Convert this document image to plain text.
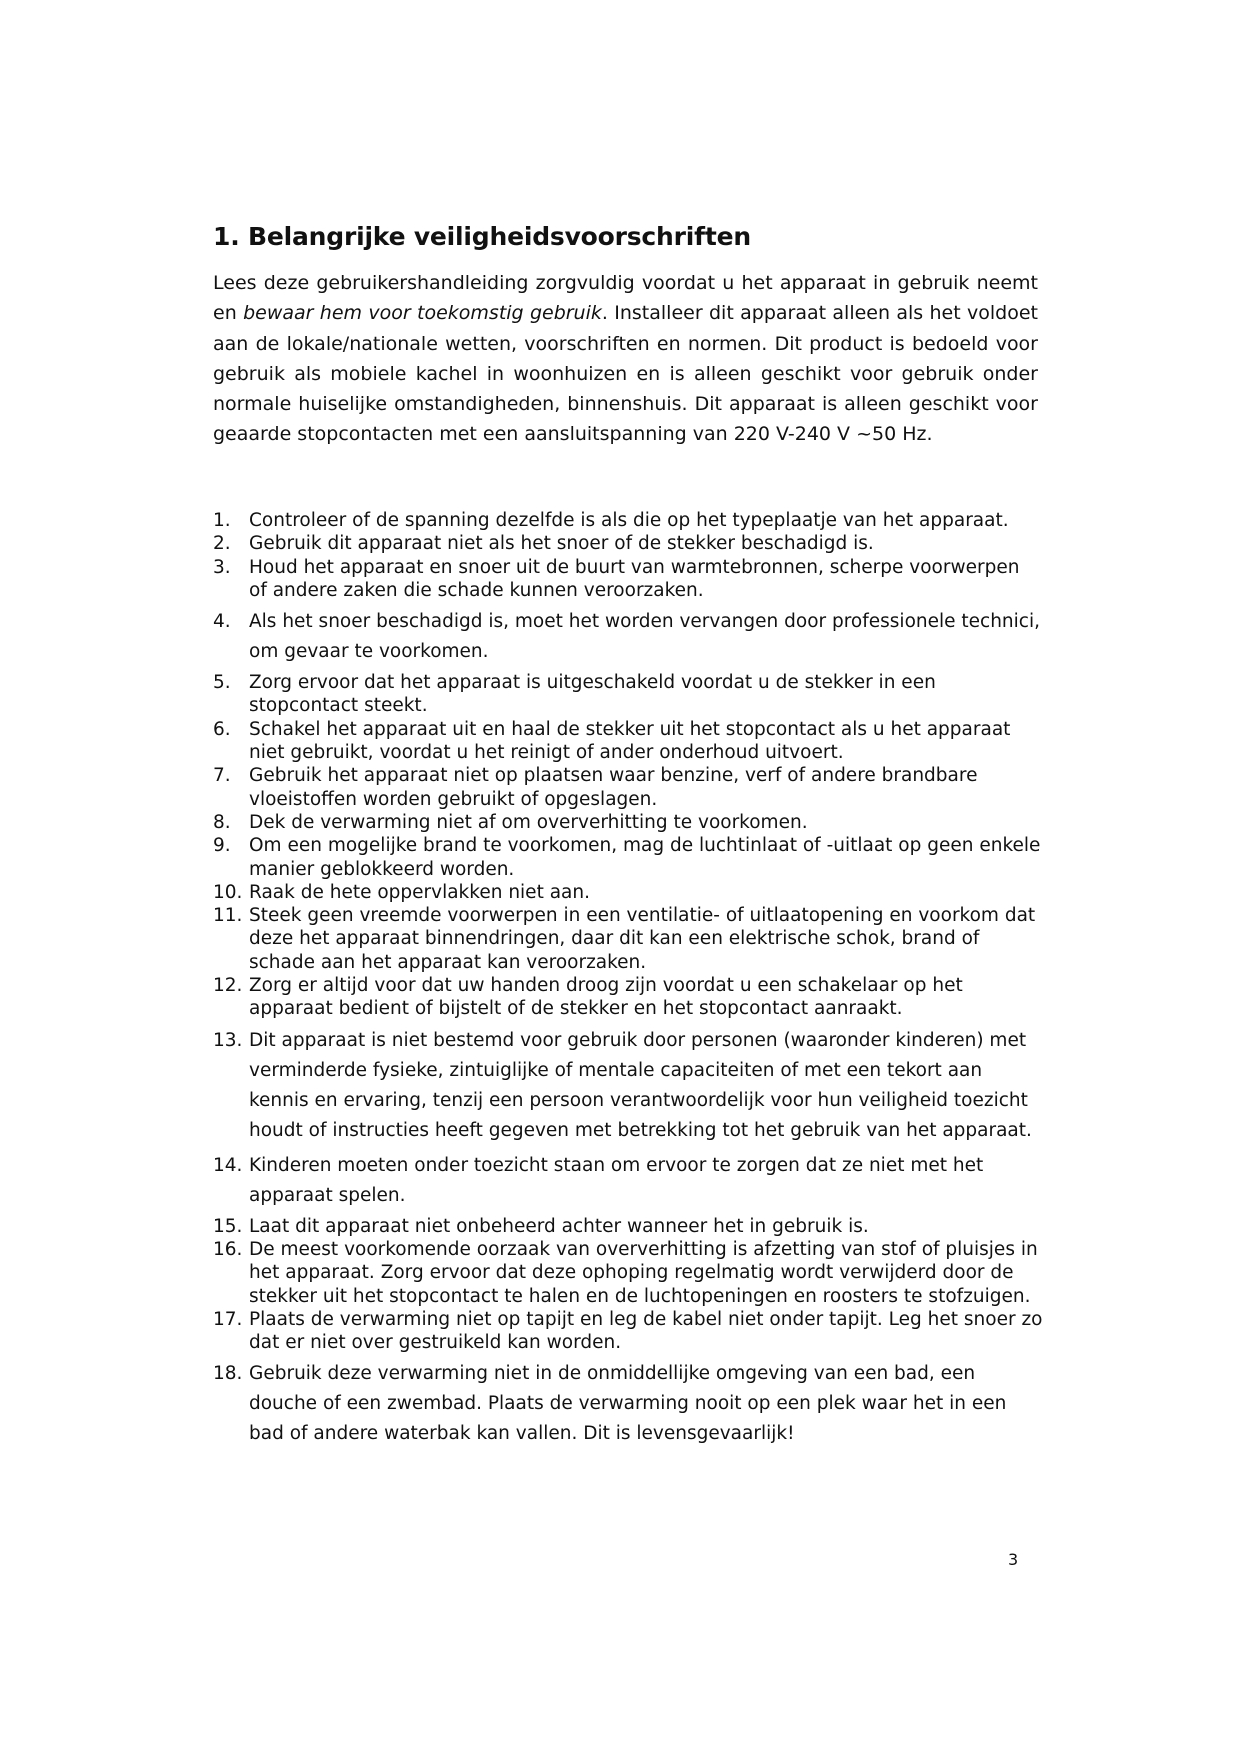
1. Belangrijke veiligheidsvoorschriften

Lees deze gebruikershandleiding zorgvuldig voordat u het apparaat in gebruik neemt en bewaar hem voor toekomstig gebruik. Installeer dit apparaat alleen als het voldoet aan de lokale/nationale wetten, voorschriften en normen. Dit product is bedoeld voor gebruik als mobiele kachel in woonhuizen en is alleen geschikt voor gebruik onder normale huiselijke omstandigheden, binnenshuis. Dit apparaat is alleen geschikt voor geaarde stopcontacten met een aansluitspanning van 220 V-240 V ~50 Hz.

1. Controleer of de spanning dezelfde is als die op het typeplaatje van het apparaat.
2. Gebruik dit apparaat niet als het snoer of de stekker beschadigd is.
3. Houd het apparaat en snoer uit de buurt van warmtebronnen, scherpe voorwerpen of andere zaken die schade kunnen veroorzaken.
4. Als het snoer beschadigd is, moet het worden vervangen door professionele technici, om gevaar te voorkomen.
5. Zorg ervoor dat het apparaat is uitgeschakeld voordat u de stekker in een stopcontact steekt.
6. Schakel het apparaat uit en haal de stekker uit het stopcontact als u het apparaat niet gebruikt, voordat u het reinigt of ander onderhoud uitvoert.
7. Gebruik het apparaat niet op plaatsen waar benzine, verf of andere brandbare vloeistoffen worden gebruikt of opgeslagen.
8. Dek de verwarming niet af om oververhitting te voorkomen.
9. Om een mogelijke brand te voorkomen, mag de luchtinlaat of -uitlaat op geen enkele manier geblokkeerd worden.
10. Raak de hete oppervlakken niet aan.
11. Steek geen vreemde voorwerpen in een ventilatie- of uitlaatopening en voorkom dat deze het apparaat binnendringen, daar dit kan een elektrische schok, brand of schade aan het apparaat kan veroorzaken.
12. Zorg er altijd voor dat uw handen droog zijn voordat u een schakelaar op het apparaat bedient of bijstelt of de stekker en het stopcontact aanraakt.
13. Dit apparaat is niet bestemd voor gebruik door personen (waaronder kinderen) met verminderde fysieke, zintuiglijke of mentale capaciteiten of met een tekort aan kennis en ervaring, tenzij een persoon verantwoordelijk voor hun veiligheid toezicht houdt of instructies heeft gegeven met betrekking tot het gebruik van het apparaat.
14. Kinderen moeten onder toezicht staan om ervoor te zorgen dat ze niet met het apparaat spelen.
15. Laat dit apparaat niet onbeheerd achter wanneer het in gebruik is.
16. De meest voorkomende oorzaak van oververhitting is afzetting van stof of pluisjes in het apparaat. Zorg ervoor dat deze ophoping regelmatig wordt verwijderd door de stekker uit het stopcontact te halen en de luchtopeningen en roosters te stofzuigen.
17. Plaats de verwarming niet op tapijt en leg de kabel niet onder tapijt. Leg het snoer zo dat er niet over gestruikeld kan worden.
18. Gebruik deze verwarming niet in de onmiddellijke omgeving van een bad, een douche of een zwembad. Plaats de verwarming nooit op een plek waar het in een bad of andere waterbak kan vallen. Dit is levensgevaarlijk!
3
